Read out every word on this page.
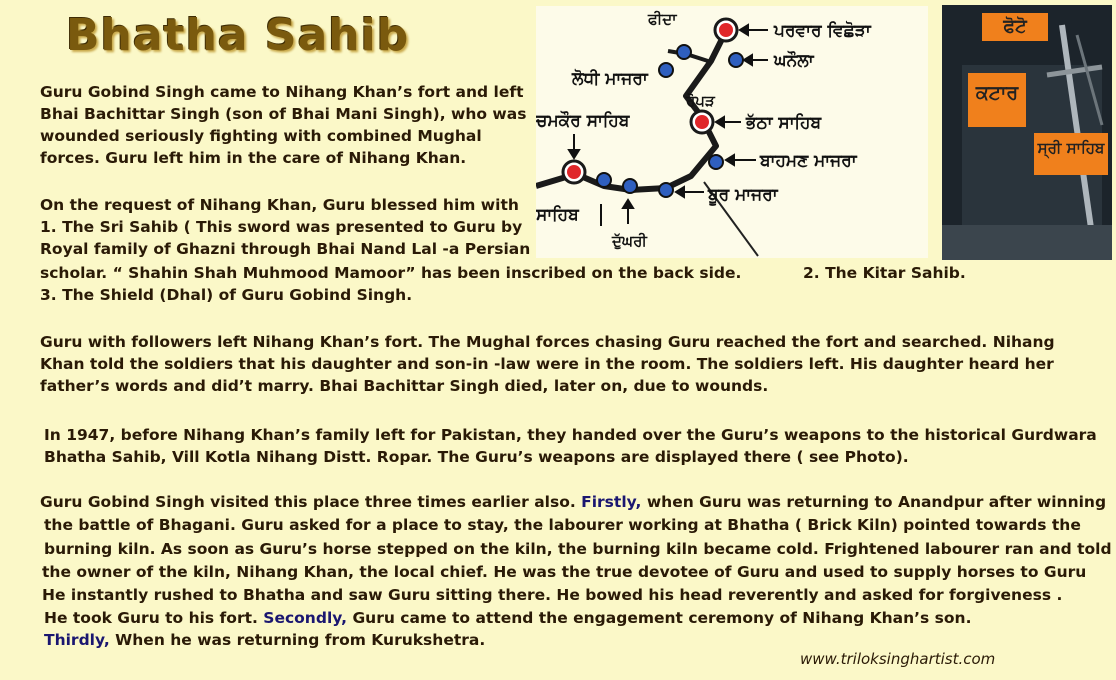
Bhatha Sahib
Guru Gobind Singh came to Nihang Khan’s fort and left
Bhai Bachittar Singh (son of Bhai Mani Singh), who was
wounded seriously fighting with combined Mughal
forces. Guru left him in the care of Nihang Khan.
On the request of Nihang Khan, Guru blessed him with
1. The Sri Sahib ( This sword was presented to Guru by
Royal family of Ghazni through Bhai Nand Lal -a Persian
scholar. “ Shahin Shah Muhmood Mamoor” has been inscribed on the back side.	2. The Kitar Sahib.
3. The Shield (Dhal) of Guru Gobind Singh.
Guru with followers left Nihang Khan’s fort. The Mughal forces chasing Guru reached the fort and searched. Nihang
Khan told the soldiers that his daughter and son-in -law were in the room. The soldiers left. His daughter heard her
father’s words and did’t marry. Bhai Bachittar Singh died, later on, due to wounds.
In 1947, before Nihang Khan’s family left for Pakistan, they handed over the Guru’s weapons to the historical Gurdwara
Bhatha Sahib, Vill Kotla Nihang Distt. Ropar. The Guru’s weapons are displayed there ( see Photo).
Guru Gobind Singh visited this place three times earlier also. Firstly, when Guru was returning to Anandpur after winning
the battle of Bhagani. Guru asked for a place to stay, the labourer working at Bhatha ( Brick Kiln) pointed towards the
burning kiln. As soon as Guru’s horse stepped on the kiln, the burning kiln became cold. Frightened labourer ran and told
the owner of the kiln, Nihang Khan, the local chief. He was the true devotee of Guru and used to supply horses to Guru
He instantly rushed to Bhatha and saw Guru sitting there. He bowed his head reverently and asked for forgiveness .
He took Guru to his fort. Secondly, Guru came to attend the engagement ceremony of Nihang Khan’s son.
Thirdly, When he was returning from Kurukshetra.
www.triloksinghartist.com
ਫੀਦਾ
ਪਰਵਾਰ ਵਿਛੋੜਾ
ਘਨੌਲਾ
ਲੋਧੀ ਮਾਜਰਾ
ਰੋਪੜ
ਚਮਕੌਰ ਸਾਹਿਬ	ਭੱਠਾ ਸਾਹਿਬ
ਬਾਹਮਣ ਮਾਜਰਾ
ਬੂਰ ਮਾਜਰਾ
ਸਾਹਿਬ
ਦੁੱਘਰੀ
ਫੋਟੋ
ਕਟਾਰ
ਸ੍ਰੀ ਸਾਹਿਬ
